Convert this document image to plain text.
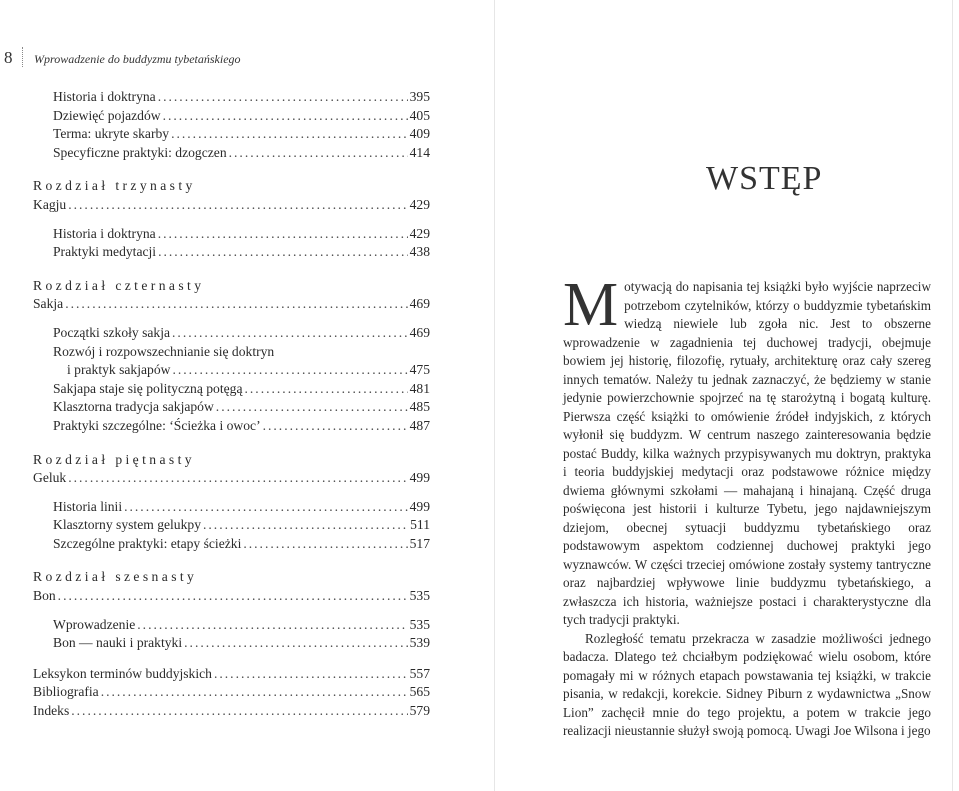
8 Wprowadzenie do buddyzmu tybetańskiego
Historia i doktryna .....	395
Dziewięć pojazdów .....	405
Terma: ukryte skarby .....	409
Specyficzne praktyki: dzogczen .....	414
Rozdział trzynasty
Kagju .....	429
Historia i doktryna .....	429
Praktyki medytacji .....	438
Rozdział czternasty
Sakja .....	469
Początki szkoły sakja .....	469
Rozwój i rozpowszechnianie się doktryn
i praktyk sakjapów .....	475
Sakjapa staje się polityczną potęgą .....	481
Klasztorna tradycja sakjapów .....	485
Praktyki szczególne: ‘Ścieżka i owoc’ .....	487
Rozdział piętnasty
Geluk .....	499
Historia linii .....	499
Klasztorny system gelukpy .....	511
Szczególne praktyki: etapy ścieżki .....	517
Rozdział szesnasty
Bon .....	535
Wprowadzenie .....	535
Bon — nauki i praktyki .....	539
Leksykon terminów buddyjskich .....	557
Bibliografia .....	565
Indeks .....	579
WSTĘP

Motywacją do napisania tej książki było wyjście naprzeciw potrzebom czytelników, którzy o buddyzmie tybetańskim wiedzą niewiele lub zgoła nic. Jest to obszerne wprowadzenie w zagadnienia tej duchowej tradycji, obejmuje bowiem jej historię, filozofię, rytuały, architekturę oraz cały szereg innych tematów. Należy tu jednak zaznaczyć, że będziemy w stanie jedynie powierzchownie spojrzeć na tę starożytną i bogatą kulturę. Pierwsza część książki to omówienie źródeł indyjskich, z których wyłonił się buddyzm. W centrum naszego zainteresowania będzie postać Buddy, kilka ważnych przypisywanych mu doktryn, praktyka i teoria buddyjskiej medytacji oraz podstawowe różnice między dwiema głównymi szkołami — mahajaną i hinajaną. Część druga poświęcona jest historii i kulturze Tybetu, jego najdawniejszym dziejom, obecnej sytuacji buddyzmu tybetańskiego oraz podstawowym aspektom codziennej duchowej praktyki jego wyznawców. W części trzeciej omówione zostały systemy tantryczne oraz najbardziej wpływowe linie buddyzmu tybetańskiego, a zwłaszcza ich historia, ważniejsze postaci i charakterystyczne dla tych tradycji praktyki.

Rozległość tematu przekracza w zasadzie możliwości jednego badacza. Dlatego też chciałbym podziękować wielu osobom, które pomagały mi w różnych etapach powstawania tej książki, w trakcie pisania, w redakcji, korekcie. Sidney Piburn z wydawnictwa „Snow Lion” zachęcił mnie do tego projektu, a potem w trakcie jego realizacji nieustannie służył swoją pomocą. Uwagi Joe Wilsona i jego
